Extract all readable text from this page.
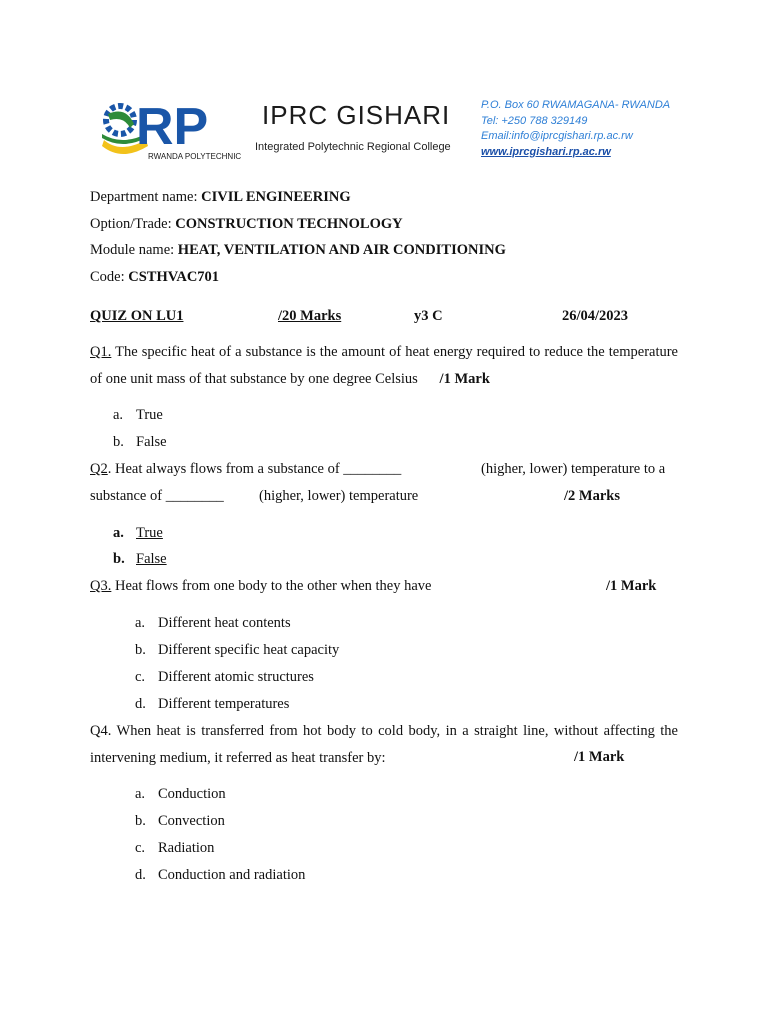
RP
RWANDA POLYTECHNIC
IPRC GISHARI
Integrated Polytechnic Regional College
P.O. Box 60 RWAMAGANA- RWANDA
Tel: +250 788 329149
Email:info@iprcgishari.rp.ac.rw
www.iprcgishari.rp.ac.rw
Department name: CIVIL ENGINEERING
Option/Trade: CONSTRUCTION TECHNOLOGY
Module name: HEAT, VENTILATION AND AIR CONDITIONING
Code: CSTHVAC701
QUIZ ON LU1	/20 Marks	y3 C	26/04/2023
Q1. The specific heat of a substance is the amount of heat energy required to reduce the temperature of one unit mass of that substance by one degree Celsius /1 Mark
a. True
b. False
Q2. Heat always flows from a substance of ________	(higher, lower) temperature to a
substance of ________ (higher, lower) temperature	/2 Marks
a. True
b. False
Q3. Heat flows from one body to the other when they have	/1 Mark
a. Different heat contents
b. Different specific heat capacity
c. Different atomic structures
d. Different temperatures
Q4. When heat is transferred from hot body to cold body, in a straight line, without affecting the intervening medium, it referred as heat transfer by:	/1 Mark
a. Conduction
b. Convection
c. Radiation
d. Conduction and radiation
